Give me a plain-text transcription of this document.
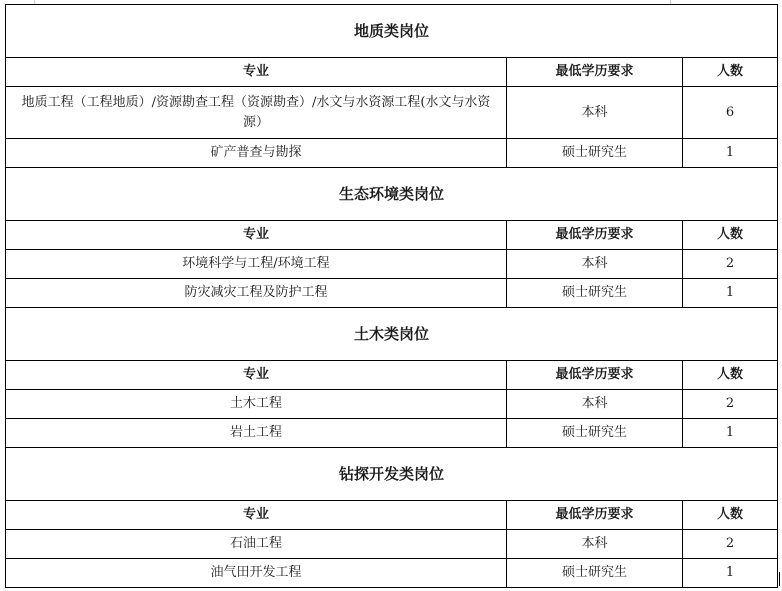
地质类岗位		
专业	最低学历要求	人数
地质工程（工程地质）/资源勘查工程（资源勘查）/水文与水资源工程(水文与水资源）	本科	6
矿产普查与勘探	硕士研究生	1
生态环境类岗位		
专业	最低学历要求	人数
环境科学与工程/环境工程	本科	2
防灾减灾工程及防护工程	硕士研究生	1
土木类岗位		
专业	最低学历要求	人数
土木工程	本科	2
岩土工程	硕士研究生	1
钻探开发类岗位		
专业	最低学历要求	人数
石油工程	本科	2
油气田开发工程	硕士研究生	1
